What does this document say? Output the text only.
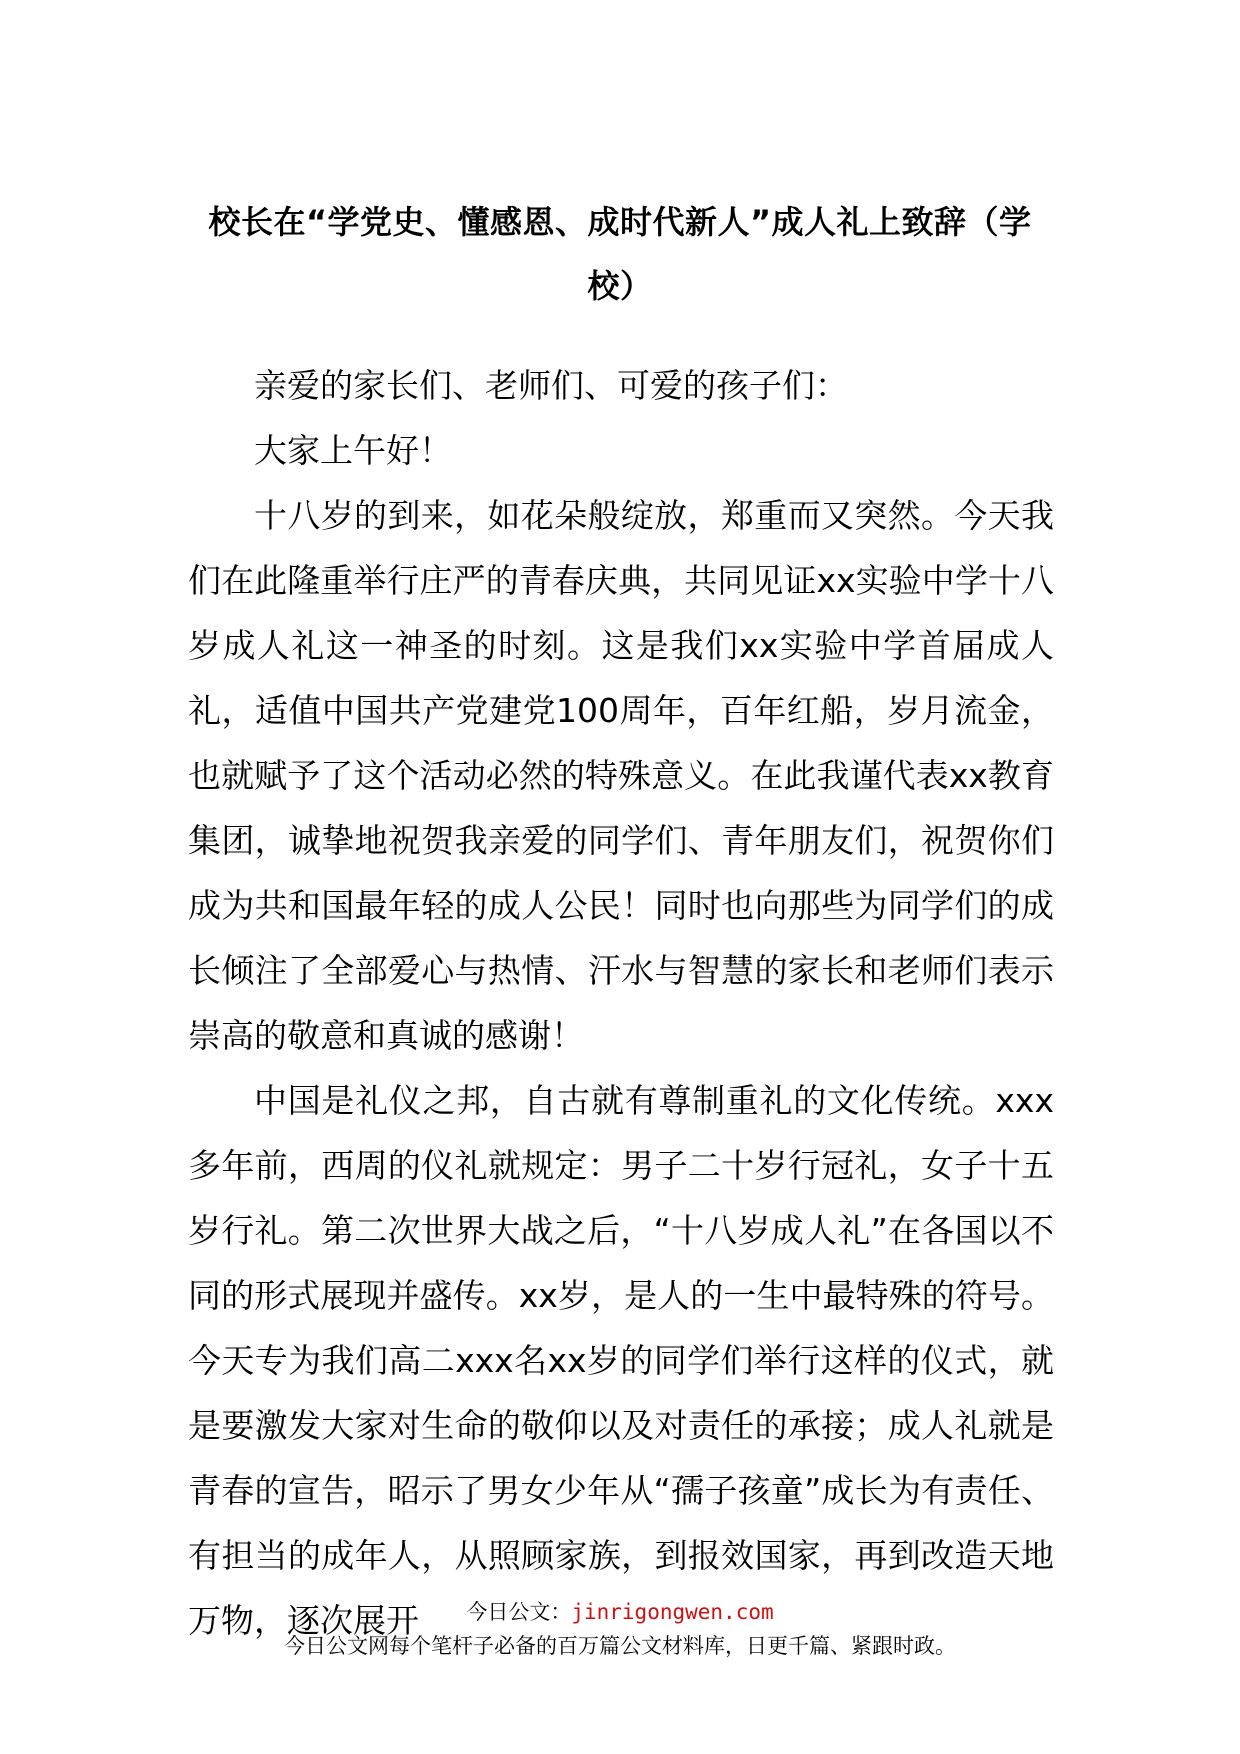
校长在“学党史、懂感恩、成时代新人”成人礼上致辞（学
校）

亲爱的家长们、老师们、可爱的孩子们：

大家上午好！

十八岁的到来，如花朵般绽放，郑重而又突然。今天我们在此隆重举行庄严的青春庆典，共同见证xx实验中学十八岁成人礼这一神圣的时刻。这是我们xx实验中学首届成人礼，适值中国共产党建党100周年，百年红船，岁月流金，也就赋予了这个活动必然的特殊意义。在此我谨代表xx教育集团，诚挚地祝贺我亲爱的同学们、青年朋友们，祝贺你们成为共和国最年轻的成人公民！同时也向那些为同学们的成长倾注了全部爱心与热情、汗水与智慧的家长和老师们表示崇高的敬意和真诚的感谢！

中国是礼仪之邦，自古就有尊制重礼的文化传统。xxx多年前，西周的仪礼就规定：男子二十岁行冠礼，女子十五岁行礼。第二次世界大战之后，“十八岁成人礼”在各国以不同的形式展现并盛传。xx岁，是人的一生中最特殊的符号。今天专为我们高二xxx名xx岁的同学们举行这样的仪式，就是要激发大家对生命的敬仰以及对责任的承接；成人礼就是青春的宣告，昭示了男女少年从“孺子孩童”成长为有责任、有担当的成年人，从照顾家族，到报效国家，再到改造天地万物，逐次展开	今日公文：jinrigongwen.com
今日公文网每个笔杆子必备的百万篇公文材料库，日更千篇、紧跟时政。
